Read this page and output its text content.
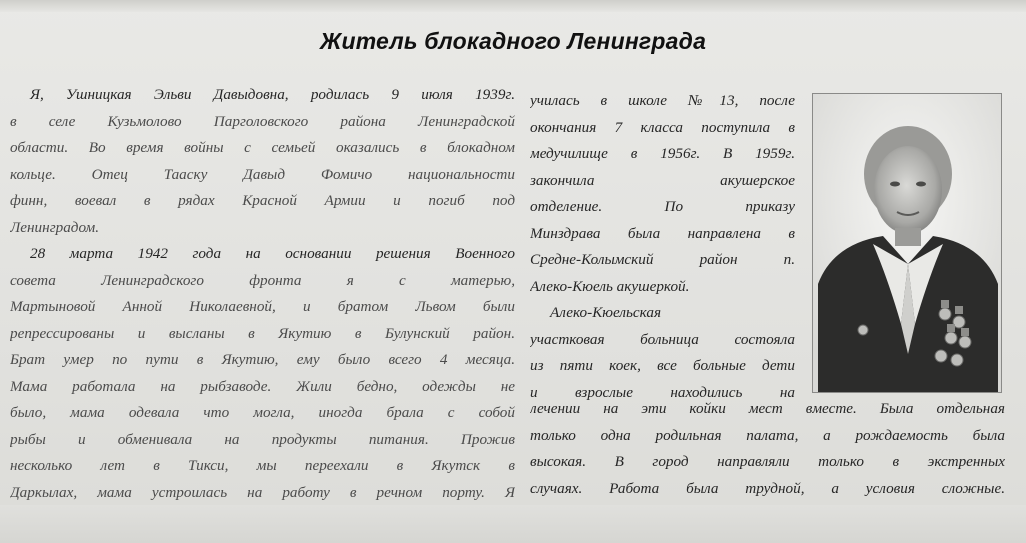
Житель блокадного Ленинграда
Я, Ушницкая Эльви Давыдовна, родилась 9 июля 1939г.
в селе Кузьмолово Парголовского района Ленинградской
области. Во время войны с семьей оказались в блокадном
кольце. Отец Тааску Давыд Фомичо национальности
финн, воевал в рядах Красной Армии и погиб под
Ленинградом.
28 марта 1942 года на основании решения Военного
совета Ленинградского фронта я с матерью,
Мартыновой Анной Николаевной, и братом Львом были
репрессированы и высланы в Якутию в Булунский район.
Брат умер по пути в Якутию, ему было всего 4 месяца.
Мама работала на рыбзаводе. Жили бедно, одежды не
было, мама одевала что могла, иногда брала с собой
рыбы и обменивала на продукты питания. Прожив
несколько лет в Тикси, мы переехали в Якутск в
Даркылах, мама устроилась на работу в речном порту. Я
училась в школе №13, после
окончания 7 класса поступила в
медучилище в 1956г. В 1959г.
закончила акушерское
отделение. По приказу
Минздрава была направлена в
Средне-Колымский район п.
Алеко-Кюель акушеркой.
Алеко-Кюельская
участковая больница состояла
из пяти коек, все больные дети
и взрослые находились на
лечении на эти койки мест вместе. Была отдельная
только одна родильная палата, а рождаемость была
высокая. В город направляли только в экстренных
случаях. Работа была трудной, а условия сложные.
